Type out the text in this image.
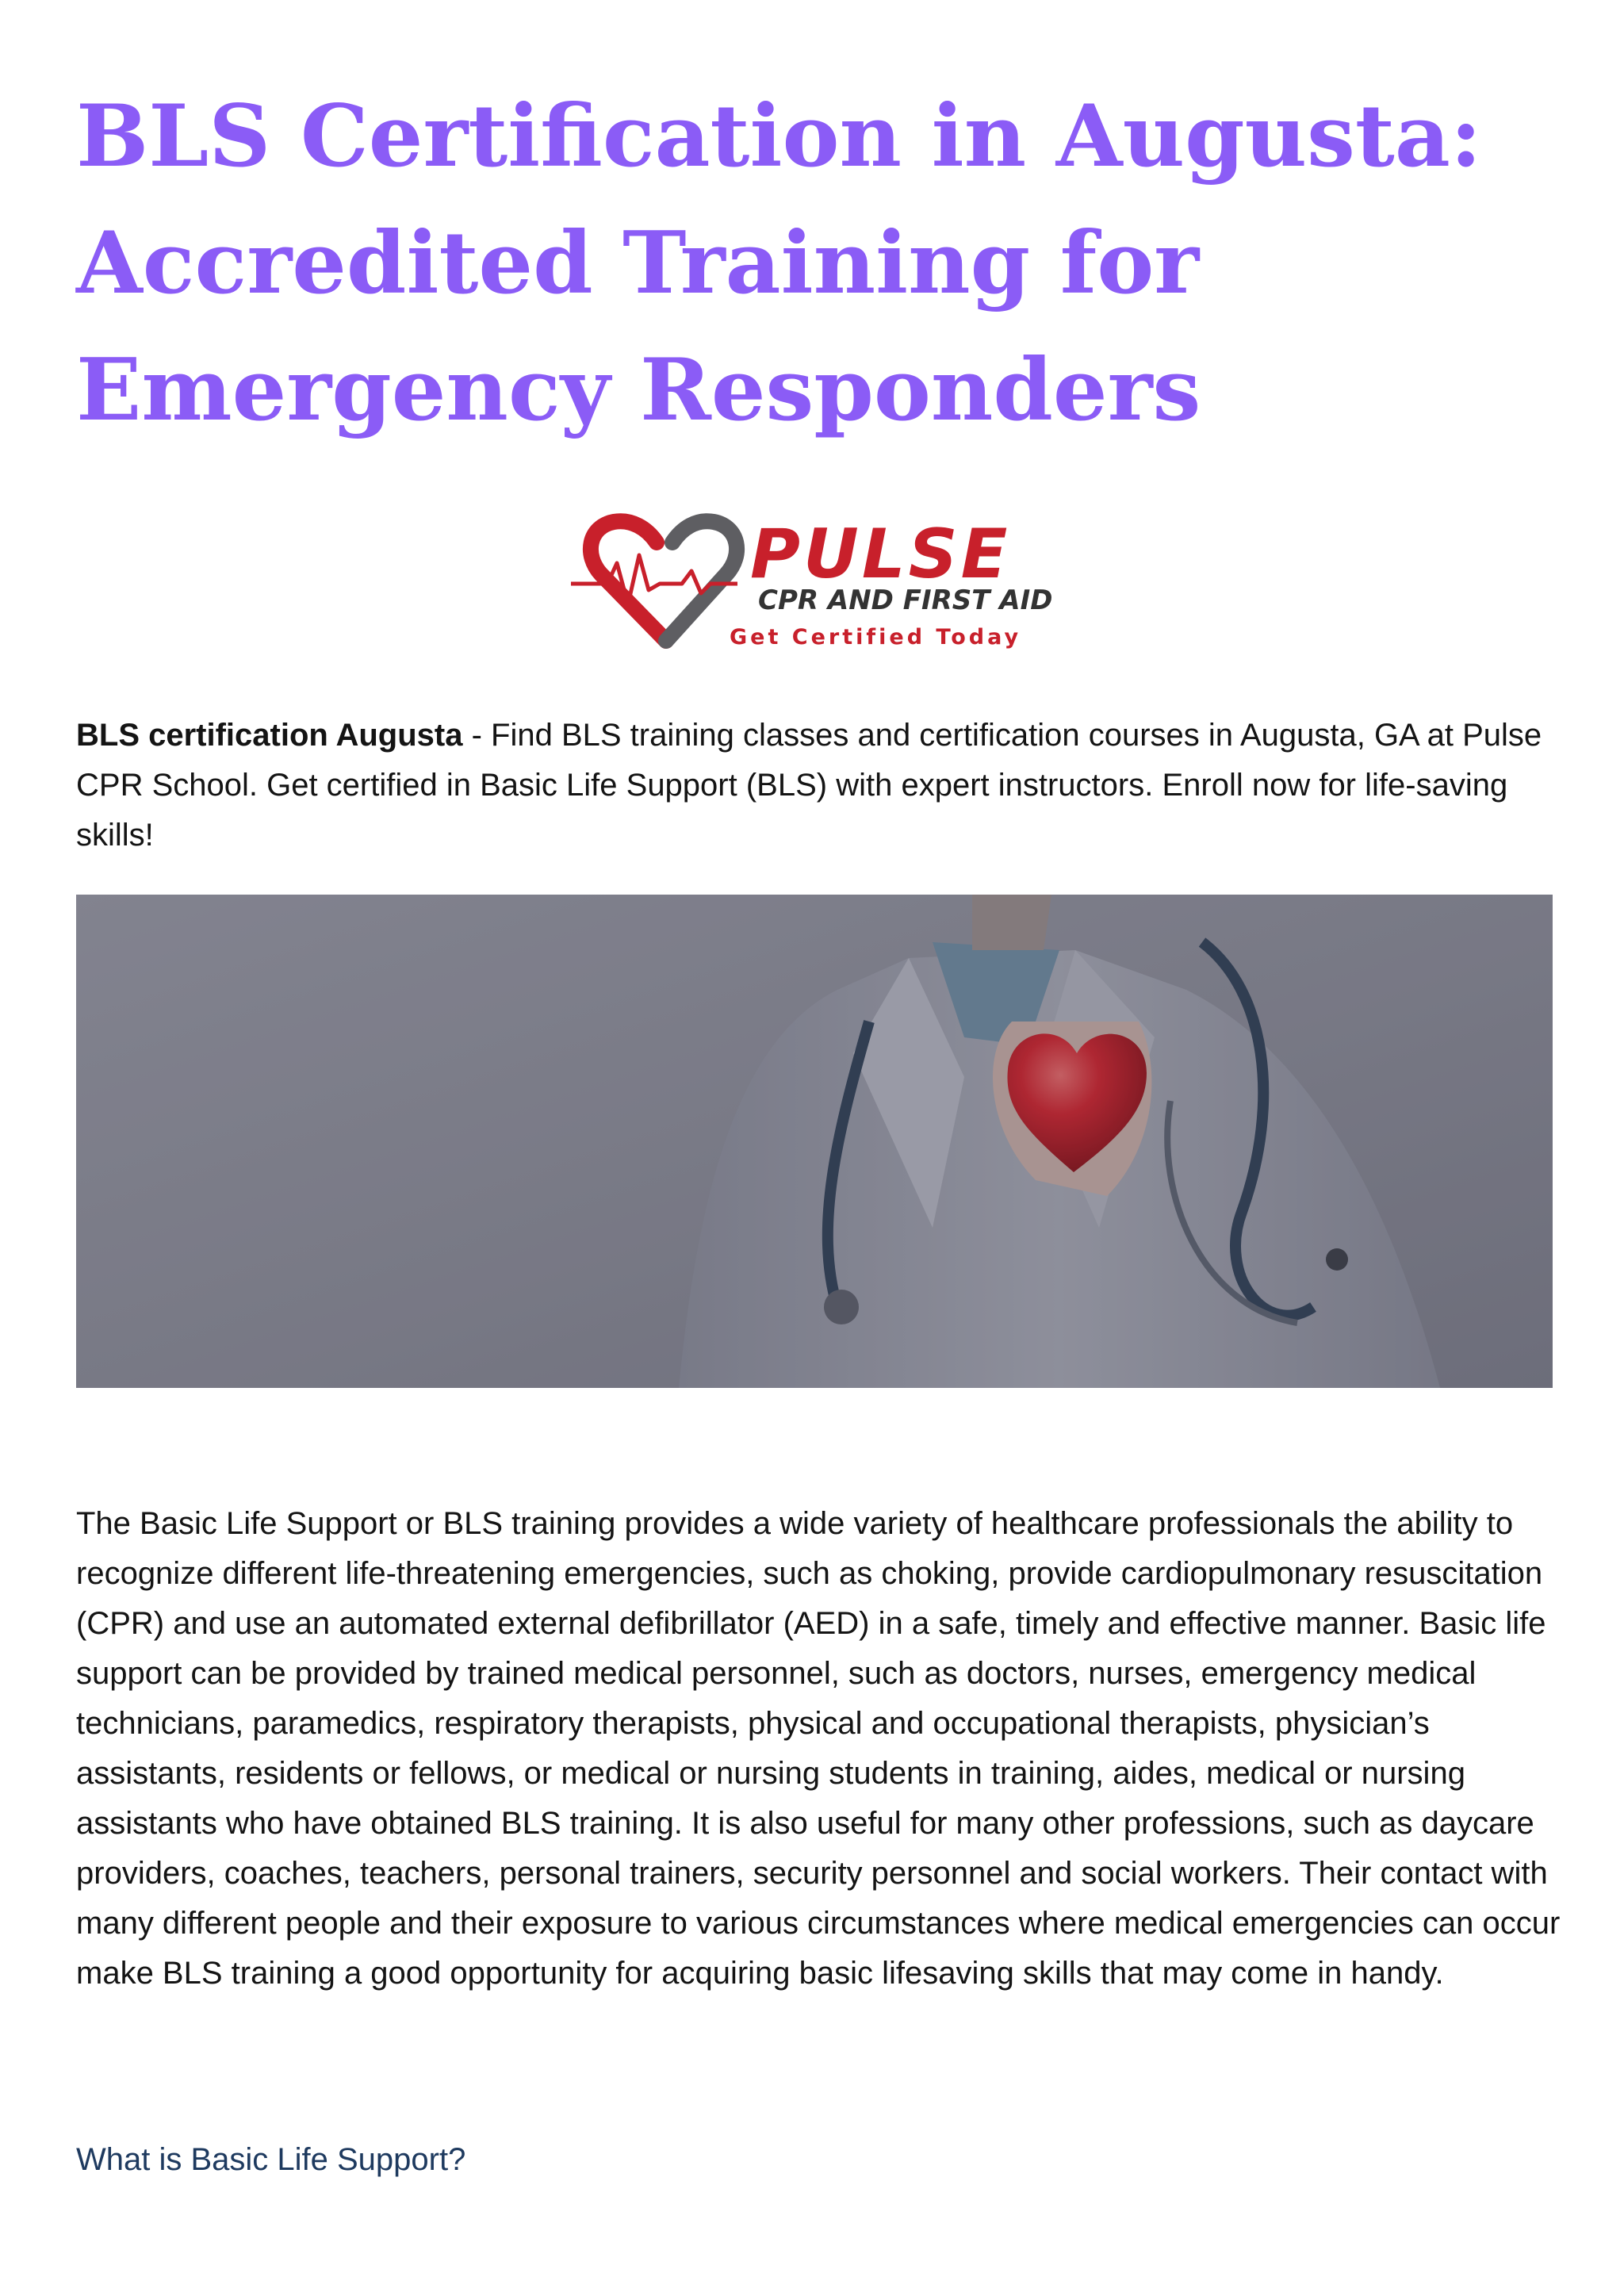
BLS Certification in Augusta:
Accredited Training for
Emergency Responders
PULSE
CPR AND FIRST AID
Get Certified Today

BLS certification Augusta - Find BLS training classes and certification courses in Augusta, GA at Pulse CPR School. Get certified in Basic Life Support (BLS) with expert instructors. Enroll now for life-saving skills!

The Basic Life Support or BLS training provides a wide variety of healthcare professionals the ability to recognize different life-threatening emergencies, such as choking, provide cardiopulmonary resuscitation (CPR) and use an automated external defibrillator (AED) in a safe, timely and effective manner. Basic life support can be provided by trained medical personnel, such as doctors, nurses, emergency medical technicians, paramedics, respiratory therapists, physical and occupational therapists, physician’s assistants, residents or fellows, or medical or nursing students in training, aides, medical or nursing assistants who have obtained BLS training. It is also useful for many other professions, such as daycare providers, coaches, teachers, personal trainers, security personnel and social workers. Their contact with many different people and their exposure to various circumstances where medical emergencies can occur make BLS training a good opportunity for acquiring basic lifesaving skills that may come in handy.

What is Basic Life Support?
